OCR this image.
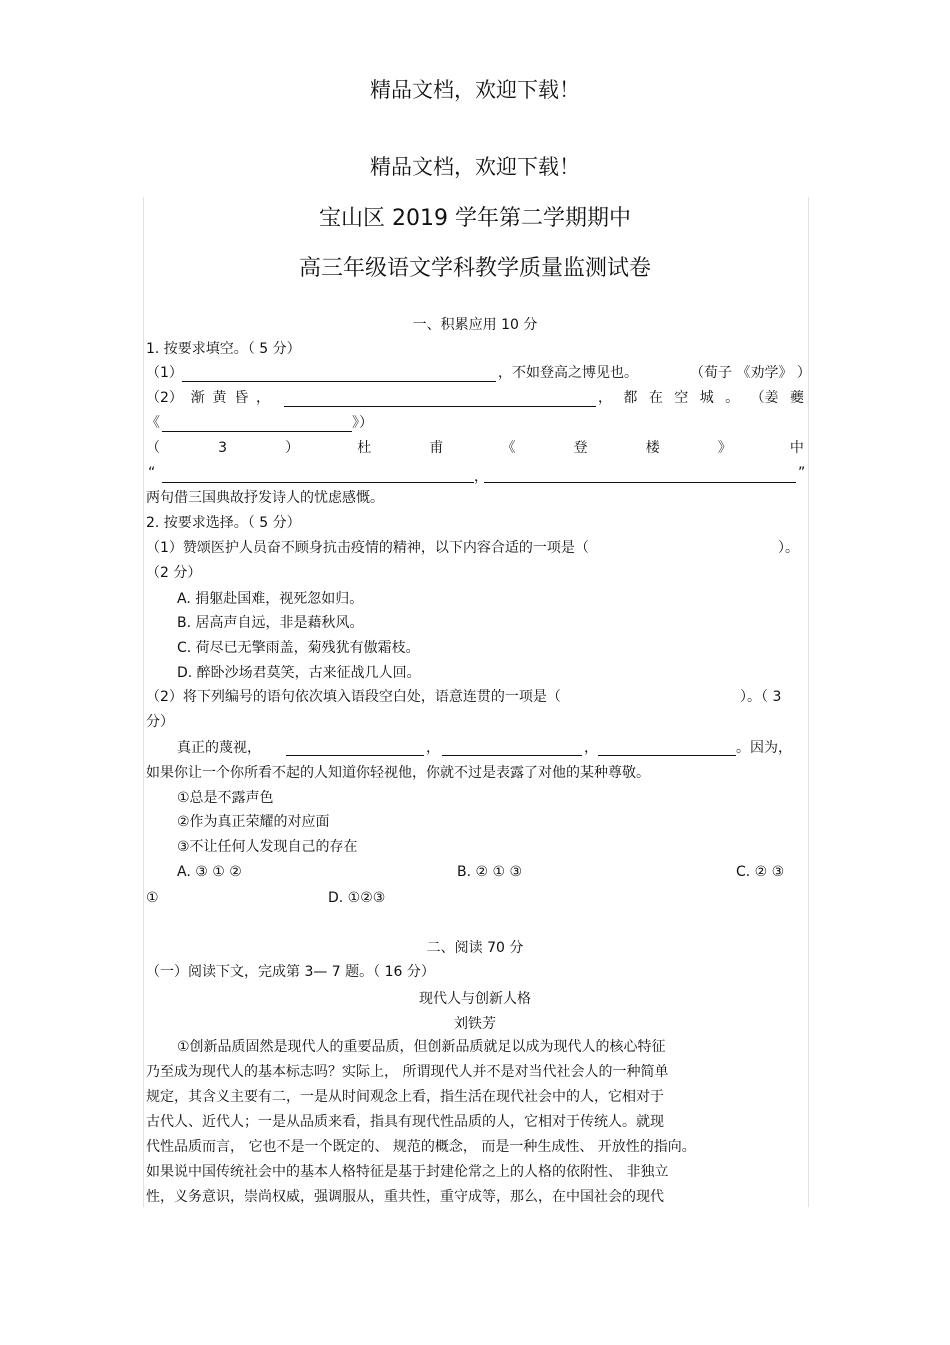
精品文档，欢迎下载！
精品文档，欢迎下载！
宝山区 2019 学年第二学期期中
高三年级语文学科教学质量监测试卷
一、积累应用 10 分
1. 按要求填空。（ 5 分）
（1）	，不如登高之博见也。	（荀子 《劝学》 ）
（2） 渐 黄 昏 ，	， 都 在 空 城 。 （姜 夔
《	》）
（	3	）	杜	甫	《	登	楼	》	中
“	，	”
两句借三国典故抒发诗人的忧虑感慨。
2. 按要求选择。（ 5 分）
（1）赞颂医护人员奋不顾身抗击疫情的精神，以下内容合适的一项是（	）。
（2 分）
A. 捐躯赴国难，视死忽如归。
B. 居高声自远，非是藉秋风。
C. 荷尽已无擎雨盖，菊残犹有傲霜枝。
D. 醉卧沙场君莫笑，古来征战几人回。
（2）将下列编号的语句依次填入语段空白处，语意连贯的一项是（	）。（ 3
分）
真正的蔑视，	，	，	。因为，
如果你让一个你所看不起的人知道你轻视他，你就不过是表露了对他的某种尊敬。
①总是不露声色
②作为真正荣耀的对应面
③不让任何人发现自己的存在
A. ③ ① ②	B. ② ① ③	C. ② ③
①	D. ①②③
二、阅读 70 分
（一）阅读下文，完成第 3— 7 题。（ 16 分）
现代人与创新人格
刘铁芳
①创新品质固然是现代人的重要品质，但创新品质就足以成为现代人的核心特征
乃至成为现代人的基本标志吗？实际上， 所谓现代人并不是对当代社会人的一种简单
规定，其含义主要有二，一是从时间观念上看，指生活在现代社会中的人，它相对于
古代人、近代人；一是从品质来看，指具有现代性品质的人，它相对于传统人。就现
代性品质而言， 它也不是一个既定的、 规范的概念， 而是一种生成性、 开放性的指向。
如果说中国传统社会中的基本人格特征是基于封建伦常之上的人格的依附性、 非独立
性，义务意识，崇尚权威，强调服从，重共性，重守成等，那么，在中国社会的现代
